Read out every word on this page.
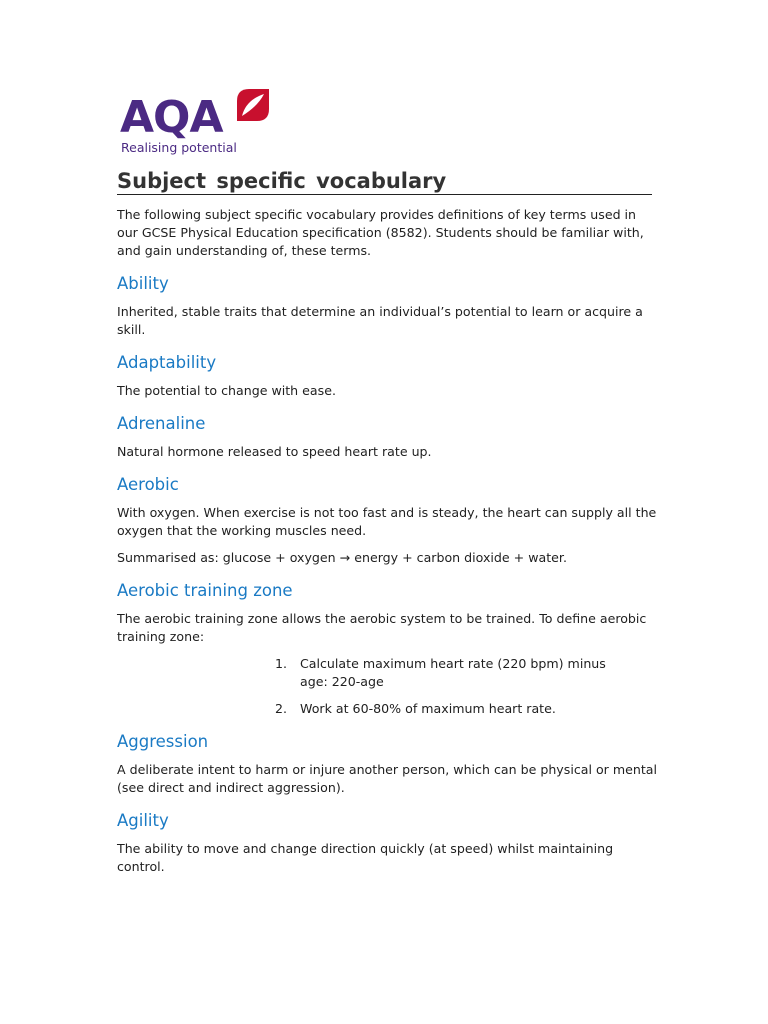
AQA
Realising potential
Subject specific vocabulary

The following subject specific vocabulary provides definitions of key terms used in our GCSE Physical Education specification (8582). Students should be familiar with, and gain understanding of, these terms.

Ability

Inherited, stable traits that determine an individual’s potential to learn or acquire a skill.

Adaptability

The potential to change with ease.

Adrenaline

Natural hormone released to speed heart rate up.

Aerobic

With oxygen. When exercise is not too fast and is steady, the heart can supply all the oxygen that the working muscles need.

Summarised as: glucose + oxygen → energy + carbon dioxide + water.

Aerobic training zone

The aerobic training zone allows the aerobic system to be trained. To define aerobic training zone:

1. Calculate maximum heart rate (220 bpm) minus age: 220-age
2. Work at 60-80% of maximum heart rate.
Aggression

A deliberate intent to harm or injure another person, which can be physical or mental (see direct and indirect aggression).

Agility

The ability to move and change direction quickly (at speed) whilst maintaining control.
